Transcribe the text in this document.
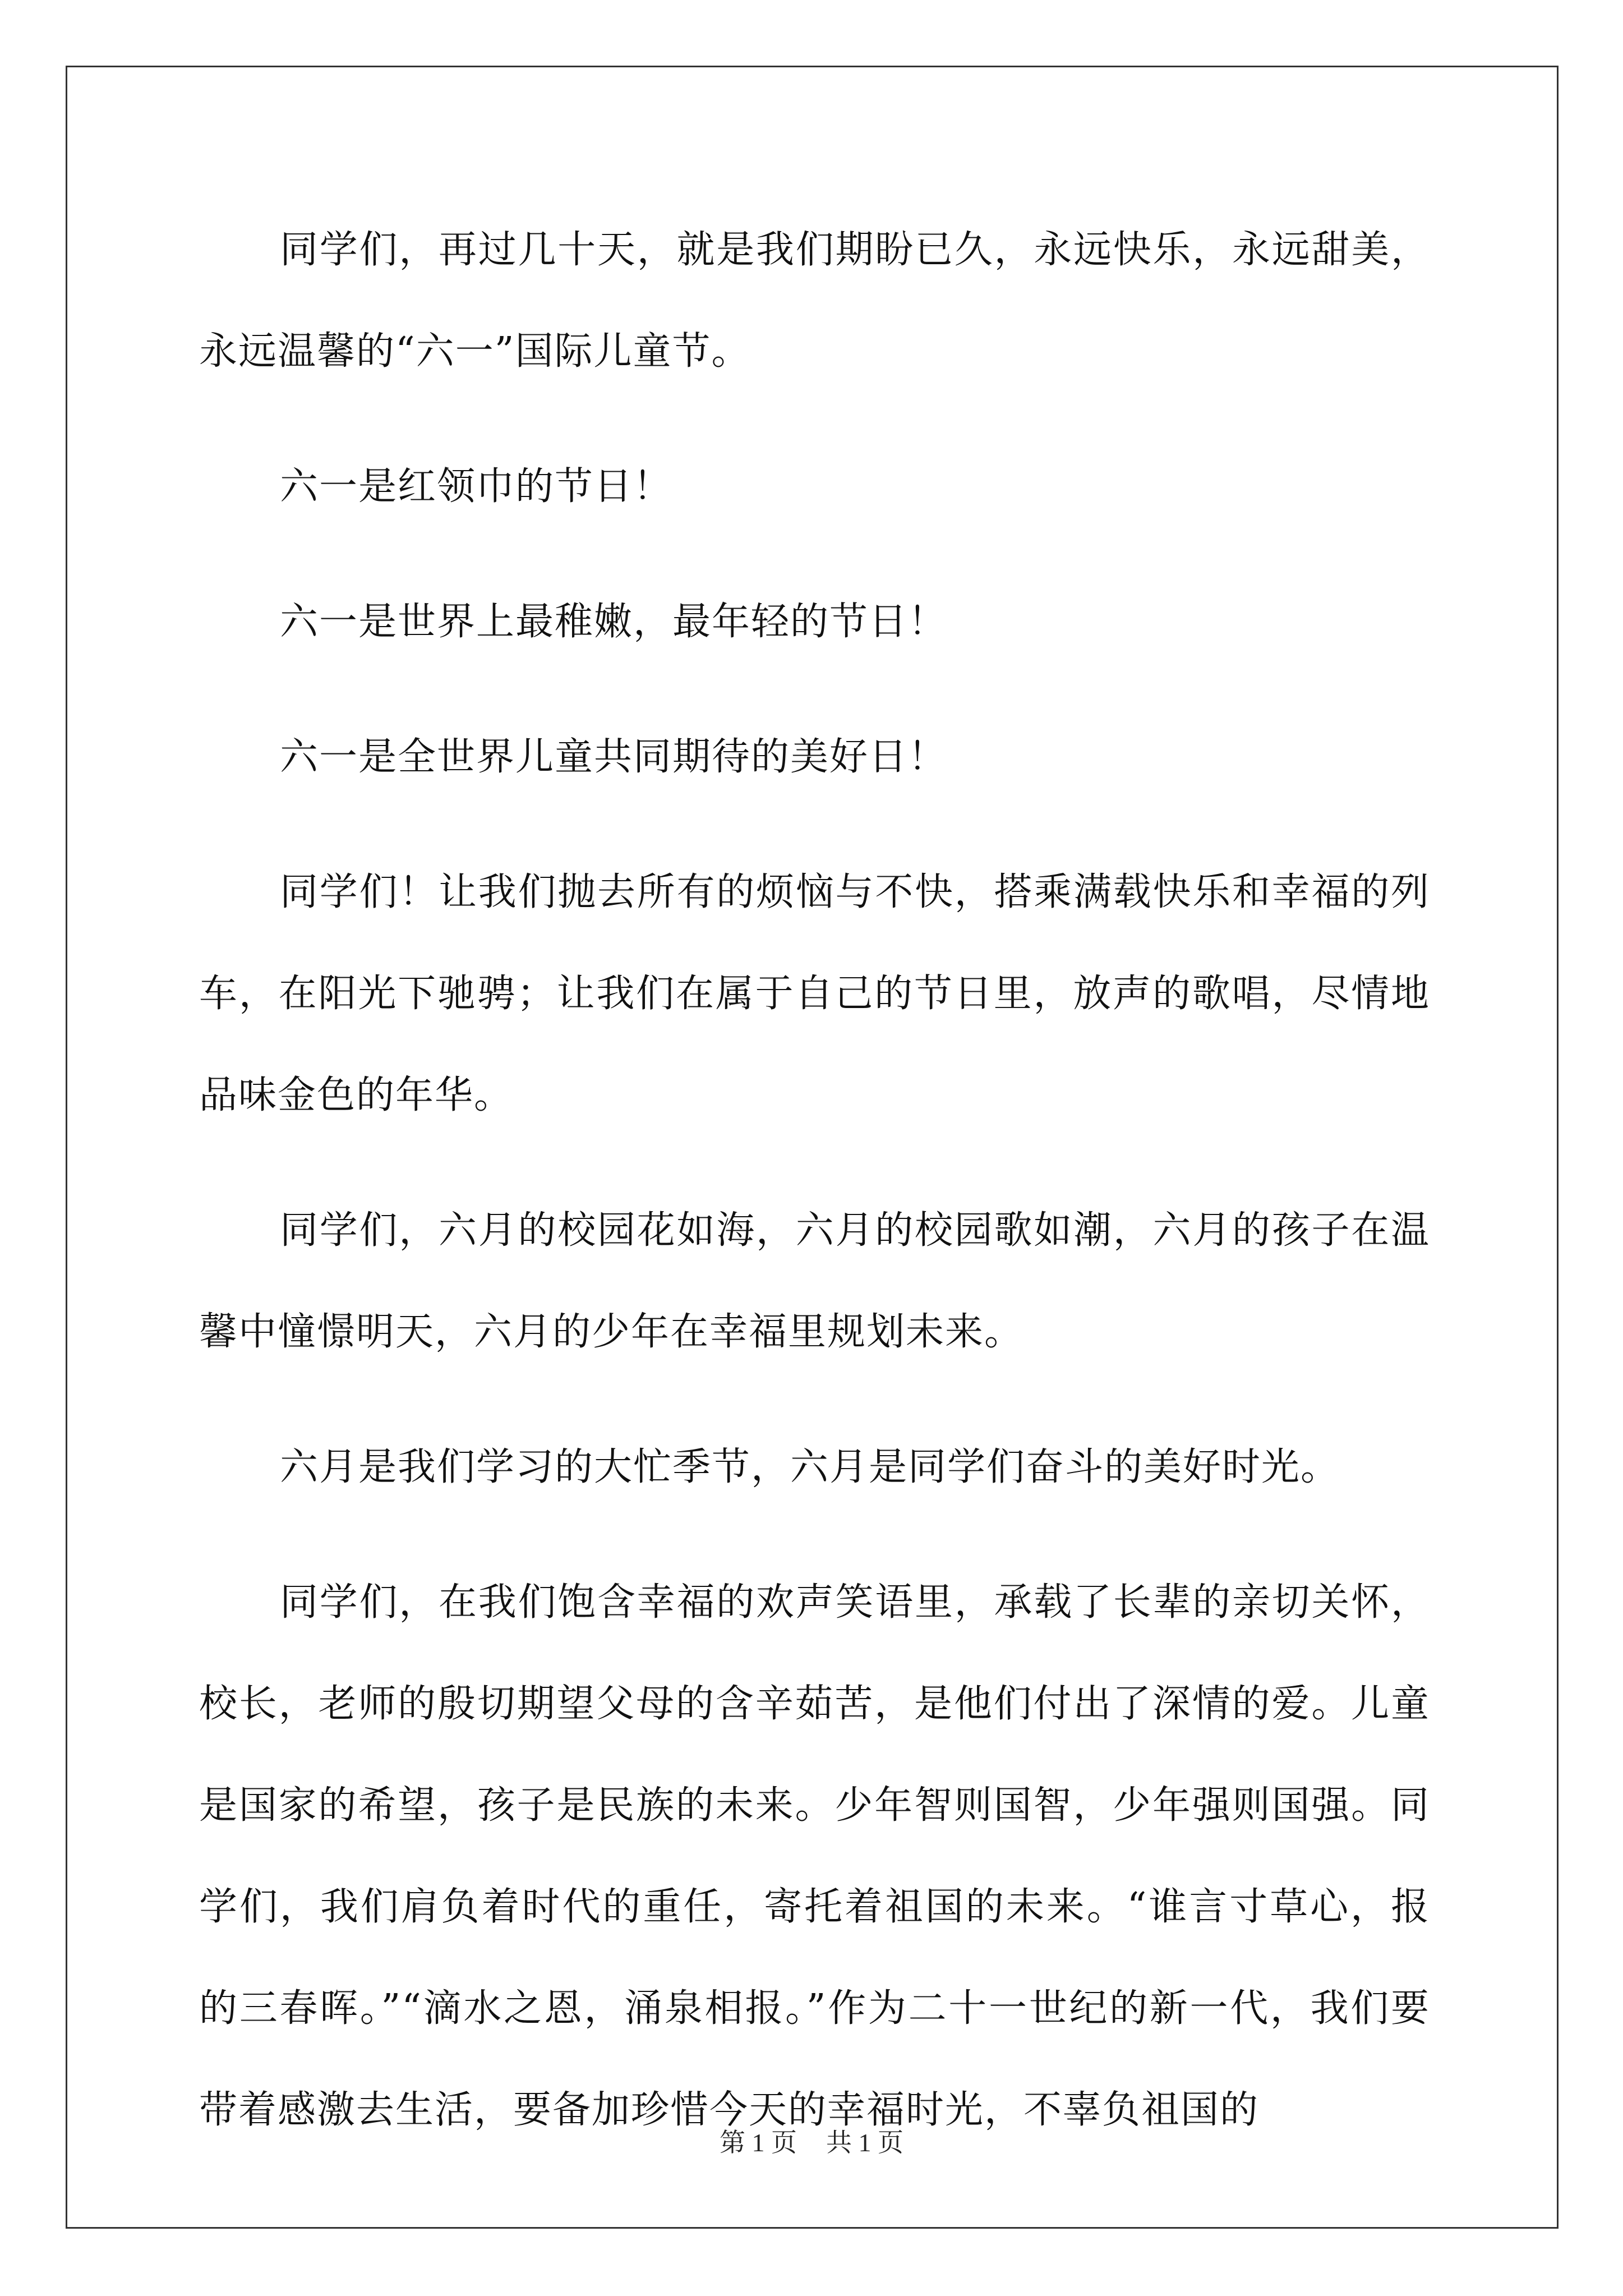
同学们，再过几十天，就是我们期盼已久，永远快乐，永远甜美，永远温馨的“六一”国际儿童节。

六一是红领巾的节日！

六一是世界上最稚嫩，最年轻的节日！

六一是全世界儿童共同期待的美好日！

同学们！让我们抛去所有的烦恼与不快，搭乘满载快乐和幸福的列车，在阳光下驰骋；让我们在属于自己的节日里，放声的歌唱，尽情地品味金色的年华。

同学们，六月的校园花如海，六月的校园歌如潮，六月的孩子在温馨中憧憬明天，六月的少年在幸福里规划未来。

六月是我们学习的大忙季节，六月是同学们奋斗的美好时光。

同学们，在我们饱含幸福的欢声笑语里，承载了长辈的亲切关怀，校长，老师的殷切期望父母的含辛茹苦，是他们付出了深情的爱。儿童是国家的希望，孩子是民族的未来。少年智则国智，少年强则国强。同学们，我们肩负着时代的重任，寄托着祖国的未来。“谁言寸草心，报的三春晖。”“滴水之恩，涌泉相报。”作为二十一世纪的新一代，我们要带着感激去生活，要备加珍惜今天的幸福时光，不辜负祖国的

第 1 页 共 1 页
